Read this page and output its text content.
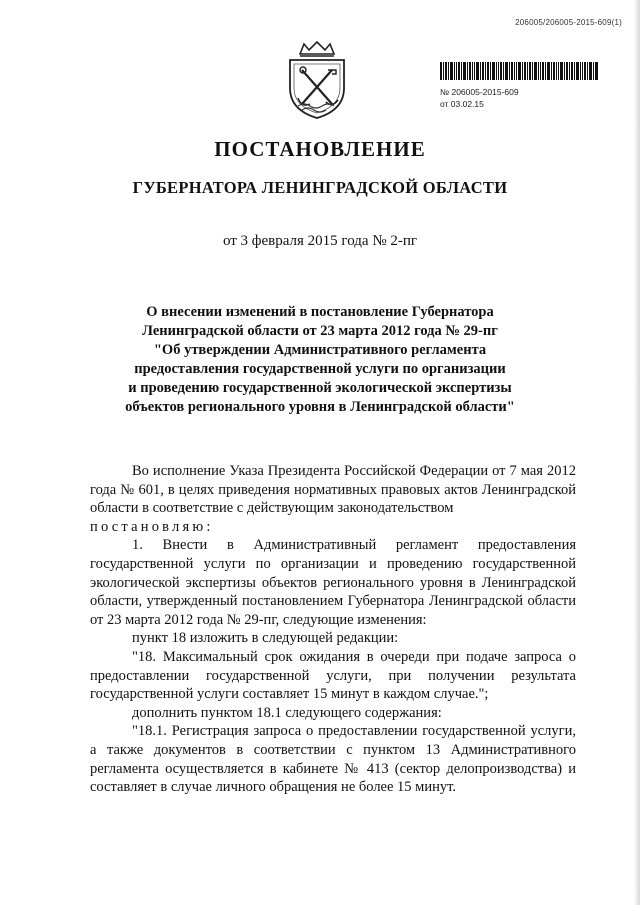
206005/206005-2015-609(1)
№ 206005-2015-609
от 03.02.15
ПОСТАНОВЛЕНИЕ
ГУБЕРНАТОРА ЛЕНИНГРАДСКОЙ ОБЛАСТИ
от 3 февраля 2015 года № 2-пг
О внесении изменений в постановление Губернатора
Ленинградской области от 23 марта 2012 года № 29-пг
"Об утверждении Административного регламента
предоставления государственной услуги по организации
и проведению государственной экологической экспертизы
объектов регионального уровня в Ленинградской области"

Во исполнение Указа Президента Российской Федерации от 7 мая 2012 года № 601, в целях приведения нормативных правовых актов Ленинградской области в соответствие с действующим законодательством

постановляю:

1. Внести в Административный регламент предоставления государственной услуги по организации и проведению государственной экологической экспертизы объектов регионального уровня в Ленинградской области, утвержденный постановлением Губернатора Ленинградской области от 23 марта 2012 года № 29-пг, следующие изменения:

пункт 18 изложить в следующей редакции:

"18. Максимальный срок ожидания в очереди при подаче запроса о предоставлении государственной услуги, при получении результата государственной услуги составляет 15 минут в каждом случае.";

дополнить пунктом 18.1 следующего содержания:

"18.1. Регистрация запроса о предоставлении государственной услуги, а также документов в соответствии с пунктом 13 Административного регламента осуществляется в кабинете № 413 (сектор делопроизводства) и составляет в случае личного обращения не более 15 минут.
